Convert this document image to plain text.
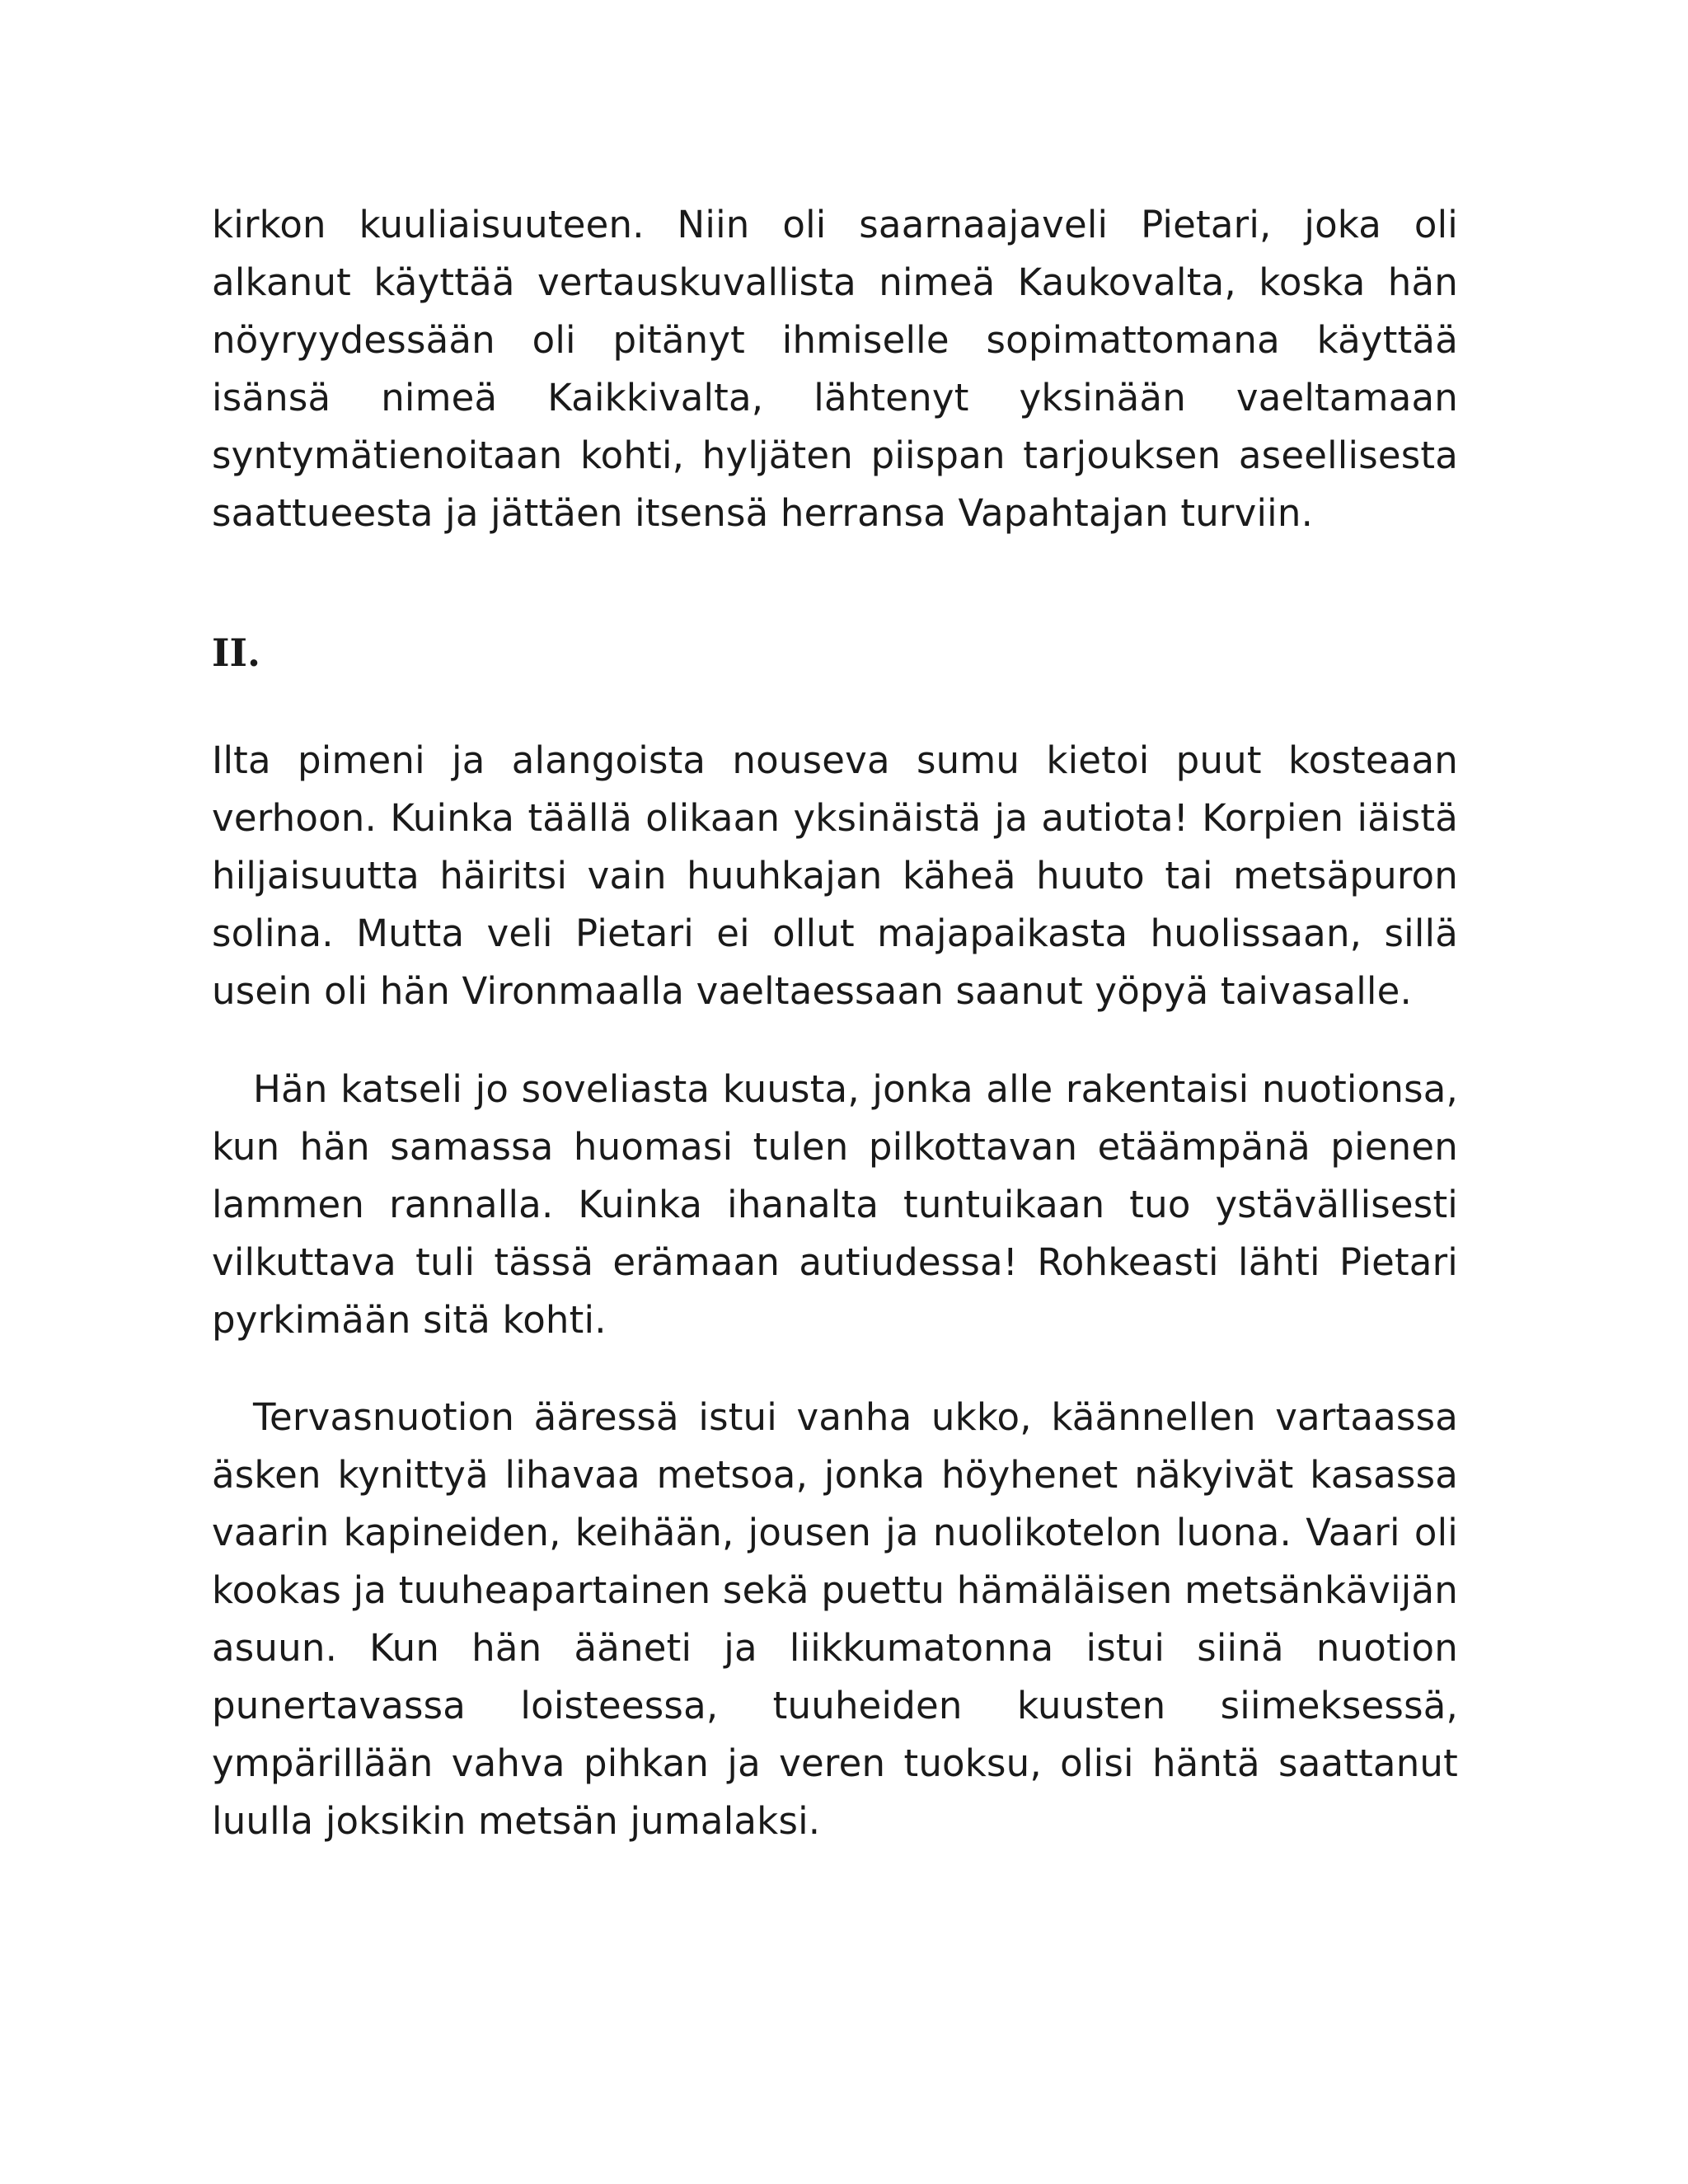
kirkon kuuliaisuuteen. Niin oli saarnaajaveli Pietari, joka oli alkanut käyttää vertauskuvallista nimeä Kaukovalta, koska hän nöyryydessään oli pitänyt ihmiselle sopimattomana käyttää isänsä nimeä Kaikkivalta, lähtenyt yksinään vaeltamaan syntymätienoitaan kohti, hyljäten piispan tarjouksen aseellisesta saattueesta ja jättäen itsensä herransa Vapahtajan turviin.

II.

Ilta pimeni ja alangoista nouseva sumu kietoi puut kosteaan verhoon. Kuinka täällä olikaan yksinäistä ja autiota! Korpien iäistä hiljaisuutta häiritsi vain huuhkajan käheä huuto tai metsäpuron solina. Mutta veli Pietari ei ollut majapaikasta huolissaan, sillä usein oli hän Vironmaalla vaeltaessaan saanut yöpyä taivasalle.

Hän katseli jo soveliasta kuusta, jonka alle rakentaisi nuotionsa, kun hän samassa huomasi tulen pilkottavan etäämpänä pienen lammen rannalla. Kuinka ihanalta tuntuikaan tuo ystävällisesti vilkuttava tuli tässä erämaan autiudessa! Rohkeasti lähti Pietari pyrkimään sitä kohti.

Tervasnuotion ääressä istui vanha ukko, käännellen vartaassa äsken kynittyä lihavaa metsoa, jonka höyhenet näkyivät kasassa vaarin kapineiden, keihään, jousen ja nuolikotelon luona. Vaari oli kookas ja tuuheapartainen sekä puettu hämäläisen metsänkävijän asuun. Kun hän ääneti ja liikkumatonna istui siinä nuotion punertavassa loisteessa, tuuheiden kuusten siimeksessä, ympärillään vahva pihkan ja veren tuoksu, olisi häntä saattanut luulla joksikin metsän jumalaksi.
